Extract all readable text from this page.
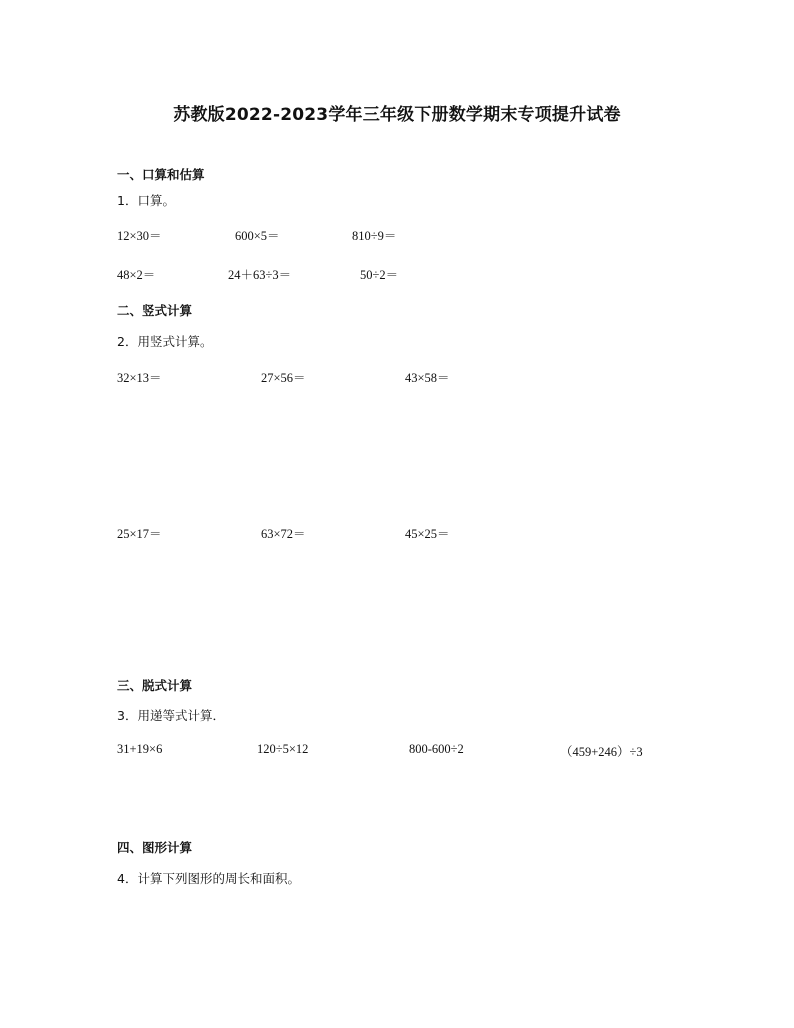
苏教版2022-2023学年三年级下册数学期末专项提升试卷
一、口算和估算
1．口算。
12×30＝	600×5＝	810÷9＝
48×2＝	24＋63÷3＝	50÷2＝
二、竖式计算
2．用竖式计算。
32×13＝	27×56＝	43×58＝
25×17＝	63×72＝	45×25＝
三、脱式计算
3．用递等式计算．
31+19×6	120÷5×12	800-600÷2	（459+246）÷3
四、图形计算
4．计算下列图形的周长和面积。
